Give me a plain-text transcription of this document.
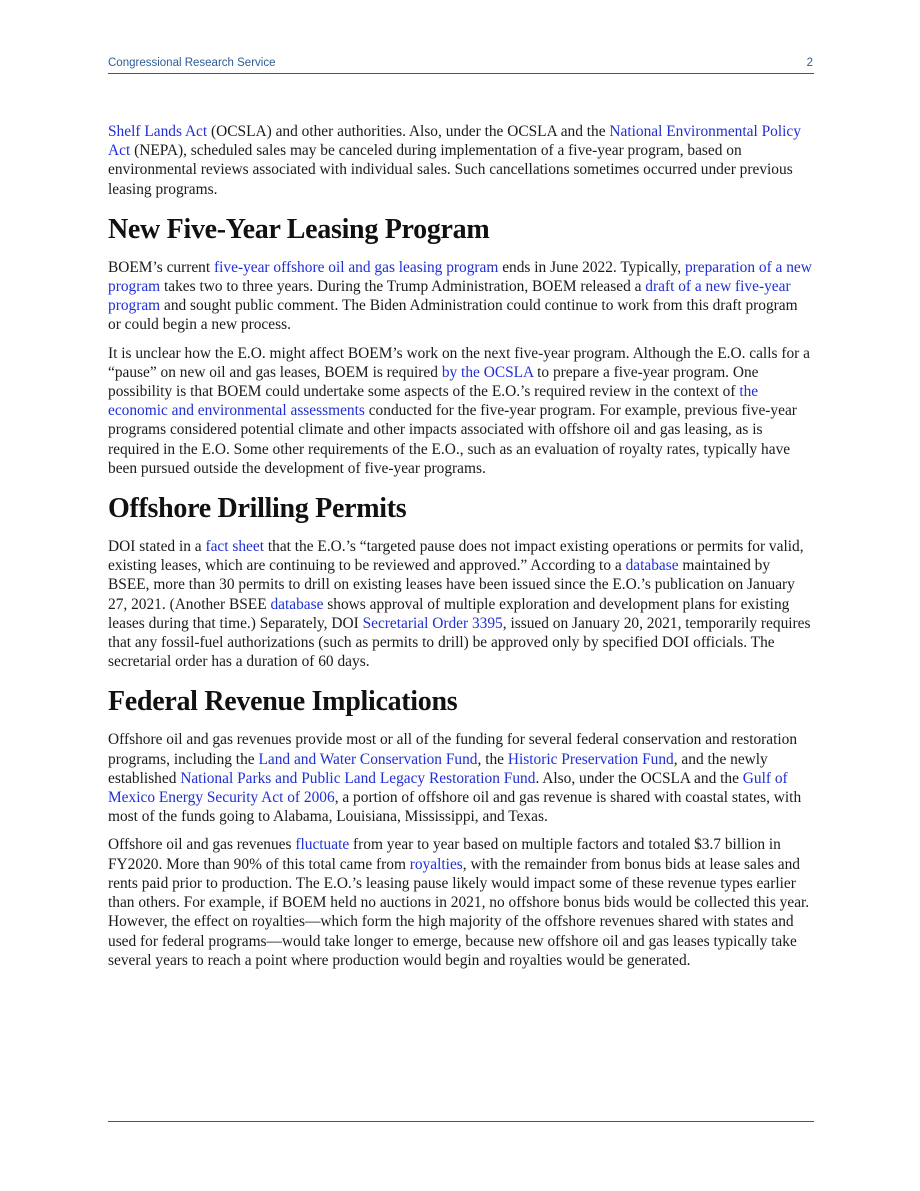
Congressional Research Service	2

Shelf Lands Act (OCSLA) and other authorities. Also, under the OCSLA and the National Environmental Policy Act (NEPA), scheduled sales may be canceled during implementation of a five-year program, based on environmental reviews associated with individual sales. Such cancellations sometimes occurred under previous leasing programs.

New Five-Year Leasing Program

BOEM’s current five-year offshore oil and gas leasing program ends in June 2022. Typically, preparation of a new program takes two to three years. During the Trump Administration, BOEM released a draft of a new five-year program and sought public comment. The Biden Administration could continue to work from this draft program or could begin a new process.

It is unclear how the E.O. might affect BOEM’s work on the next five-year program. Although the E.O. calls for a “pause” on new oil and gas leases, BOEM is required by the OCSLA to prepare a five-year program. One possibility is that BOEM could undertake some aspects of the E.O.’s required review in the context of the economic and environmental assessments conducted for the five-year program. For example, previous five-year programs considered potential climate and other impacts associated with offshore oil and gas leasing, as is required in the E.O. Some other requirements of the E.O., such as an evaluation of royalty rates, typically have been pursued outside the development of five-year programs.

Offshore Drilling Permits

DOI stated in a fact sheet that the E.O.’s “targeted pause does not impact existing operations or permits for valid, existing leases, which are continuing to be reviewed and approved.” According to a database maintained by BSEE, more than 30 permits to drill on existing leases have been issued since the E.O.’s publication on January 27, 2021. (Another BSEE database shows approval of multiple exploration and development plans for existing leases during that time.) Separately, DOI Secretarial Order 3395, issued on January 20, 2021, temporarily requires that any fossil-fuel authorizations (such as permits to drill) be approved only by specified DOI officials. The secretarial order has a duration of 60 days.

Federal Revenue Implications

Offshore oil and gas revenues provide most or all of the funding for several federal conservation and restoration programs, including the Land and Water Conservation Fund, the Historic Preservation Fund, and the newly established National Parks and Public Land Legacy Restoration Fund. Also, under the OCSLA and the Gulf of Mexico Energy Security Act of 2006, a portion of offshore oil and gas revenue is shared with coastal states, with most of the funds going to Alabama, Louisiana, Mississippi, and Texas.

Offshore oil and gas revenues fluctuate from year to year based on multiple factors and totaled $3.7 billion in FY2020. More than 90% of this total came from royalties, with the remainder from bonus bids at lease sales and rents paid prior to production. The E.O.’s leasing pause likely would impact some of these revenue types earlier than others. For example, if BOEM held no auctions in 2021, no offshore bonus bids would be collected this year. However, the effect on royalties—which form the high majority of the offshore revenues shared with states and used for federal programs—would take longer to emerge, because new offshore oil and gas leases typically take several years to reach a point where production would begin and royalties would be generated.
